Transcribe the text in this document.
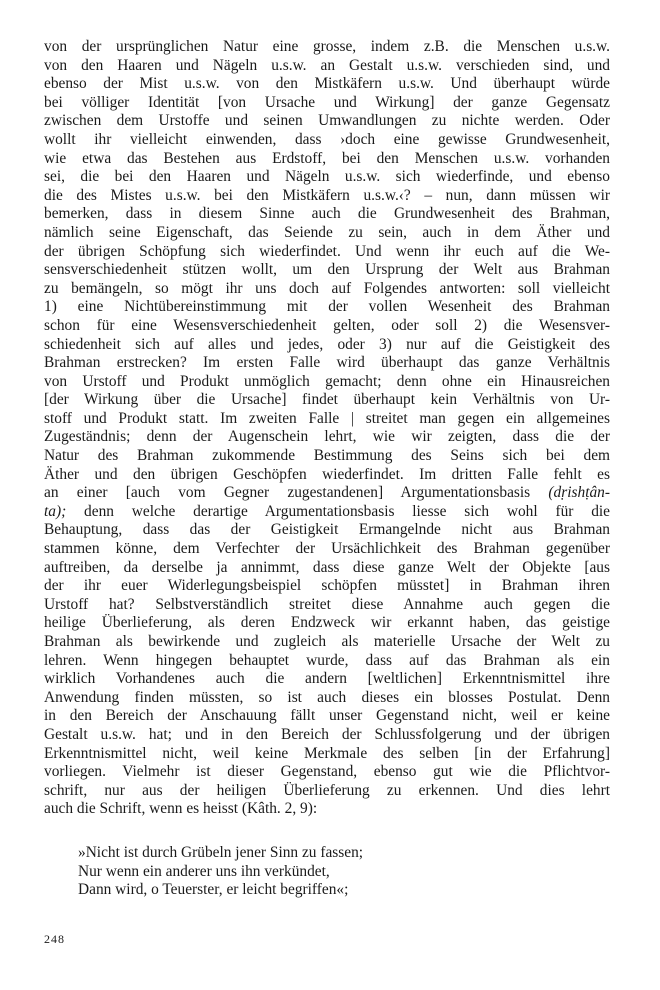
von der ursprünglichen Natur eine grosse, indem z.B. die Menschen u.s.w.
von den Haaren und Nägeln u.s.w. an Gestalt u.s.w. verschieden sind, und
ebenso der Mist u.s.w. von den Mistkäfern u.s.w. Und überhaupt würde
bei völliger Identität [von Ursache und Wirkung] der ganze Gegensatz
zwischen dem Urstoffe und seinen Umwandlungen zu nichte werden. Oder
wollt ihr vielleicht einwenden, dass ›doch eine gewisse Grundwesenheit,
wie etwa das Bestehen aus Erdstoff, bei den Menschen u.s.w. vorhanden
sei, die bei den Haaren und Nägeln u.s.w. sich wiederfinde, und ebenso
die des Mistes u.s.w. bei den Mistkäfern u.s.w.‹? – nun, dann müssen wir
bemerken, dass in diesem Sinne auch die Grundwesenheit des Brahman,
nämlich seine Eigenschaft, das Seiende zu sein, auch in dem Äther und
der übrigen Schöpfung sich wiederfindet. Und wenn ihr euch auf die We-
sensverschiedenheit stützen wollt, um den Ursprung der Welt aus Brahman
zu bemängeln, so mögt ihr uns doch auf Folgendes antworten: soll vielleicht
1) eine Nichtübereinstimmung mit der vollen Wesenheit des Brahman
schon für eine Wesensverschiedenheit gelten, oder soll 2) die Wesensver-
schiedenheit sich auf alles und jedes, oder 3) nur auf die Geistigkeit des
Brahman erstrecken? Im ersten Falle wird überhaupt das ganze Verhältnis
von Urstoff und Produkt unmöglich gemacht; denn ohne ein Hinausreichen
[der Wirkung über die Ursache] findet überhaupt kein Verhältnis von Ur-
stoff und Produkt statt. Im zweiten Falle | streitet man gegen ein allgemeines
Zugeständnis; denn der Augenschein lehrt, wie wir zeigten, dass die der
Natur des Brahman zukommende Bestimmung des Seins sich bei dem
Äther und den übrigen Geschöpfen wiederfindet. Im dritten Falle fehlt es
an einer [auch vom Gegner zugestandenen] Argumentationsbasis (dṛishṭân-
ta); denn welche derartige Argumentationsbasis liesse sich wohl für die
Behauptung, dass das der Geistigkeit Ermangelnde nicht aus Brahman
stammen könne, dem Verfechter der Ursächlichkeit des Brahman gegenüber
auftreiben, da derselbe ja annimmt, dass diese ganze Welt der Objekte [aus
der ihr euer Widerlegungsbeispiel schöpfen müsstet] in Brahman ihren
Urstoff hat? Selbstverständlich streitet diese Annahme auch gegen die
heilige Überlieferung, als deren Endzweck wir erkannt haben, das geistige
Brahman als bewirkende und zugleich als materielle Ursache der Welt zu
lehren. Wenn hingegen behauptet wurde, dass auf das Brahman als ein
wirklich Vorhandenes auch die andern [weltlichen] Erkenntnismittel ihre
Anwendung finden müssten, so ist auch dieses ein blosses Postulat. Denn
in den Bereich der Anschauung fällt unser Gegenstand nicht, weil er keine
Gestalt u.s.w. hat; und in den Bereich der Schlussfolgerung und der übrigen
Erkenntnismittel nicht, weil keine Merkmale des selben [in der Erfahrung]
vorliegen. Vielmehr ist dieser Gegenstand, ebenso gut wie die Pflichtvor-
schrift, nur aus der heiligen Überlieferung zu erkennen. Und dies lehrt
auch die Schrift, wenn es heisst (Kâth. 2, 9):
»Nicht ist durch Grübeln jener Sinn zu fassen;
Nur wenn ein anderer uns ihn verkündet,
Dann wird, o Teuerster, er leicht begriffen«;
248
